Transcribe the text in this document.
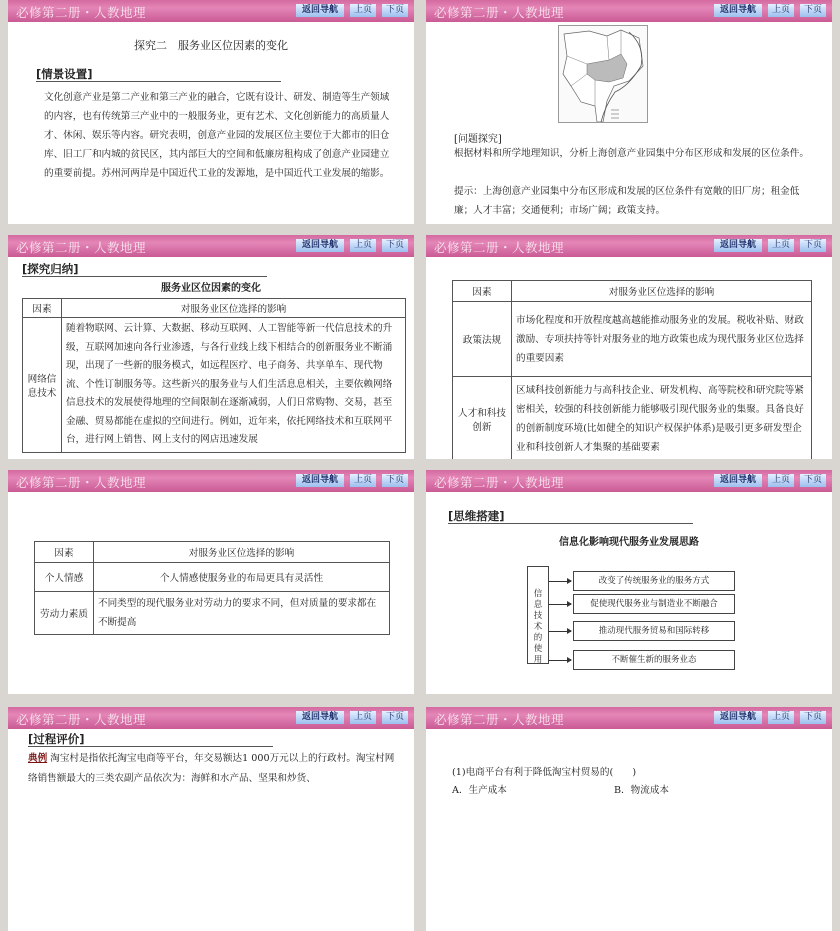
必修第二册・人教地理	返回导航	上页	下页
探究二　服务业区位因素的变化
[情景设置]
文化创意产业是第二产业和第三产业的融合，它既有设计、研发、制造等生产领域的内容，也有传统第三产业中的一般服务业，更有艺术、文化创新能力的高质量人才、休闲、娱乐等内容。研究表明，创意产业园的发展区位主要位于大都市的旧仓库、旧工厂和内城的贫民区，其内部巨大的空间和低廉房租构成了创意产业园建立的重要前提。苏州河两岸是中国近代工业的发源地，是中国近代工业发展的缩影。
必修第二册・人教地理	返回导航	上页	下页
[问题探究]
根据材料和所学地理知识，分析上海创意产业园集中分布区形成和发展的区位条件。
提示：上海创意产业园集中分布区形成和发展的区位条件有宽敞的旧厂房；租金低廉；人才丰富；交通便利；市场广阔；政策支持。
必修第二册・人教地理	返回导航	上页	下页
[探究归纳]
服务业区位因素的变化
因素	对服务业区位选择的影响
网络信息技术	随着物联网、云计算、大数据、移动互联网、人工智能等新一代信息技术的升级，互联网加速向各行业渗透，与各行业线上线下相结合的创新服务业不断涌现，出现了一些新的服务模式，如远程医疗、电子商务、共享单车、现代物流、个性订制服务等。这些新兴的服务业与人们生活息息相关，主要依赖网络信息技术的发展使得地理的空间限制在逐渐减弱，人们日常购物、交易，甚至金融、贸易都能在虚拟的空间进行。例如，近年来，依托网络技术和互联网平台，进行网上销售、网上支付的网店迅速发展
必修第二册・人教地理	返回导航	上页	下页
因素	对服务业区位选择的影响
政策法规	市场化程度和开放程度越高越能推动服务业的发展。税收补贴、财政激励、专项扶持等针对服务业的地方政策也成为现代服务业区位选择的重要因素
人才和科技创新	区域科技创新能力与高科技企业、研发机构、高等院校和研究院等紧密相关，较强的科技创新能力能够吸引现代服务业的集聚。具备良好的创新制度环境(比如健全的知识产权保护体系)是吸引更多研发型企业和科技创新人才集聚的基础要素
必修第二册・人教地理	返回导航	上页	下页
因素	对服务业区位选择的影响
个人情感	个人情感使服务业的布局更具有灵活性
劳动力素质	不同类型的现代服务业对劳动力的要求不同，但对质量的要求都在不断提高
必修第二册・人教地理	返回导航	上页	下页
[思维搭建]
信息化影响现代服务业发展思路
信息技术的使用
改变了传统服务业的服务方式
促使现代服务业与制造业不断融合
推动现代服务贸易和国际转移
不断催生新的服务业态
必修第二册・人教地理	返回导航	上页	下页
[过程评价]
典例 淘宝村是指依托淘宝电商等平台，年交易额达1 000万元以上的行政村。淘宝村网络销售额最大的三类农副产品依次为：海鲜和水产品、坚果和炒货、
必修第二册・人教地理	返回导航	上页	下页
(1)电商平台有利于降低淘宝村贸易的(　　)
A．生产成本	B．物流成本
